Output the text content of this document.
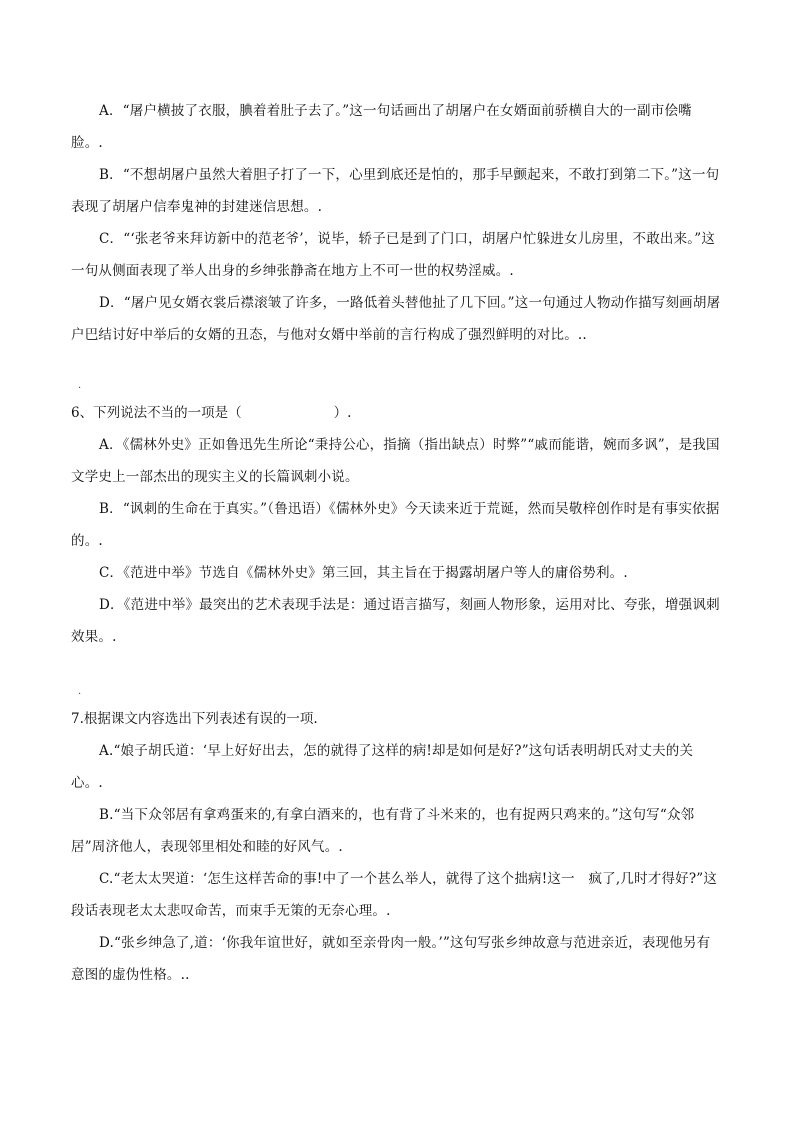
A．“屠户横披了衣服，腆着着肚子去了。”这一句话画出了胡屠户在女婿面前骄横自大的一副市侩嘴脸。.

B．“不想胡屠户虽然大着胆子打了一下，心里到底还是怕的，那手早颤起来，不敢打到第二下。”这一句表现了胡屠户信奉鬼神的封建迷信思想。.

C．“‘张老爷来拜访新中的范老爷’，说毕，轿子已是到了门口，胡屠户忙躲进女儿房里，不敢出来。”这一句从侧面表现了举人出身的乡绅张静斋在地方上不可一世的权势淫威。.

D．“屠户见女婿衣裳后襟滚皱了许多，一路低着头替他扯了几下回。”这一句通过人物动作描写刻画胡屠户巴结讨好中举后的女婿的丑态，与他对女婿中举前的言行构成了强烈鲜明的对比。..

.

6、下列说法不当的一项是（	）.

A．《儒林外史》正如鲁迅先生所论“秉持公心，指摘（指出缺点）时弊”“戚而能谐，婉而多讽”，是我国文学史上一部杰出的现实主义的长篇讽刺小说。

B．“讽刺的生命在于真实。”（鲁迅语）《儒林外史》今天读来近于荒诞，然而吴敬梓创作时是有事实依据的。.

C．《范进中举》节选自《儒林外史》第三回，其主旨在于揭露胡屠户等人的庸俗势利。.

D．《范进中举》最突出的艺术表现手法是：通过语言描写，刻画人物形象，运用对比、夸张，增强讽刺效果。.

.

7.根据课文内容选出下列表述有误的一项.

A.“娘子胡氏道：‘早上好好出去，怎的就得了这样的病!却是如何是好?”这句话表明胡氏对丈夫的关心。.

B.“当下众邻居有拿鸡蛋来的,有拿白酒来的，也有背了斗米来的，也有捉两只鸡来的。”这句写“众邻居”周济他人，表现邻里相处和睦的好风气。.

C.“老太太哭道：‘怎生这样苦命的事!中了一个甚么举人，就得了这个拙病!这一　疯了,几时才得好?”这段话表现老太太悲叹命苦，而束手无策的无奈心理。.

D.“张乡绅急了,道：‘你我年谊世好，就如至亲骨肉一般。’”这句写张乡绅故意与范进亲近，表现他另有意图的虚伪性格。..
